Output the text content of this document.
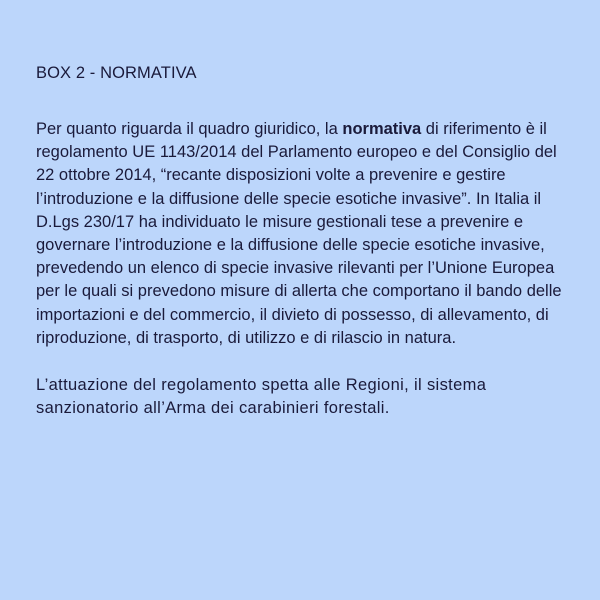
BOX 2 - NORMATIVA

Per quanto riguarda il quadro giuridico, la normativa di riferimento è il regolamento UE 1143/2014 del Parlamento europeo e del Consiglio del 22 ottobre 2014, “recante disposizioni volte a prevenire e gestire l’introduzione e la diffusione delle specie esotiche invasive”. In Italia il D.Lgs 230/17 ha individuato le misure gestionali tese a prevenire e governare l’introduzione e la diffusione delle specie esotiche invasive, prevedendo un elenco di specie invasive rilevanti per l’Unione Europea per le quali si prevedono misure di allerta che comportano il bando delle importazioni e del commercio, il divieto di possesso, di allevamento, di riproduzione, di trasporto, di utilizzo e di rilascio in natura.

L’attuazione del regolamento spetta alle Regioni, il sistema sanzionatorio all’Arma dei carabinieri forestali.
